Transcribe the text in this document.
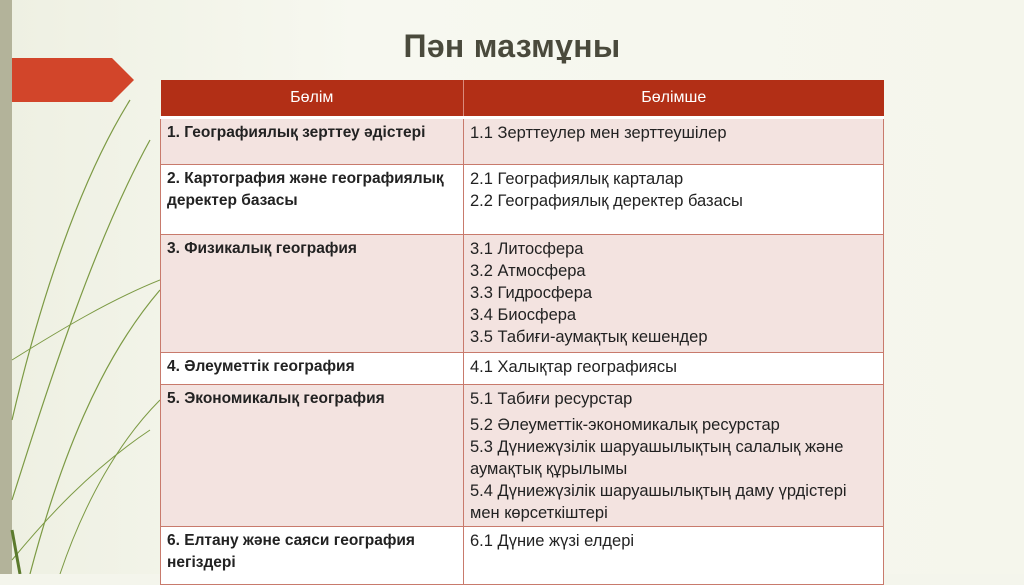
Пән мазмұны
Бөлім	Бөлімше
1. Географиялық зерттеу әдістері	1.1 Зерттеулер мен зерттеушілер

2. Картография және географиялық деректер базасы	2.1 Географиялық карталар
2.2 Географиялық деректер базасы

3. Физикалық география	3.1 Литосфера
3.2 Атмосфера
3.3 Гидросфера
3.4 Биосфера
3.5 Табиғи-аумақтық кешендер

4. Әлеуметтік география	4.1 Халықтар географиясы

5. Экономикалық география	5.1 Табиғи ресурстар
5.2 Әлеуметтік-экономикалық ресурстар
5.3 Дүниежүзілік шаруашылықтың салалық және аумақтық құрылымы
5.4 Дүниежүзілік шаруашылықтың даму үрдістері мен көрсеткіштері

6. Елтану және саяси география негіздері	6.1 Дүние жүзі елдері
